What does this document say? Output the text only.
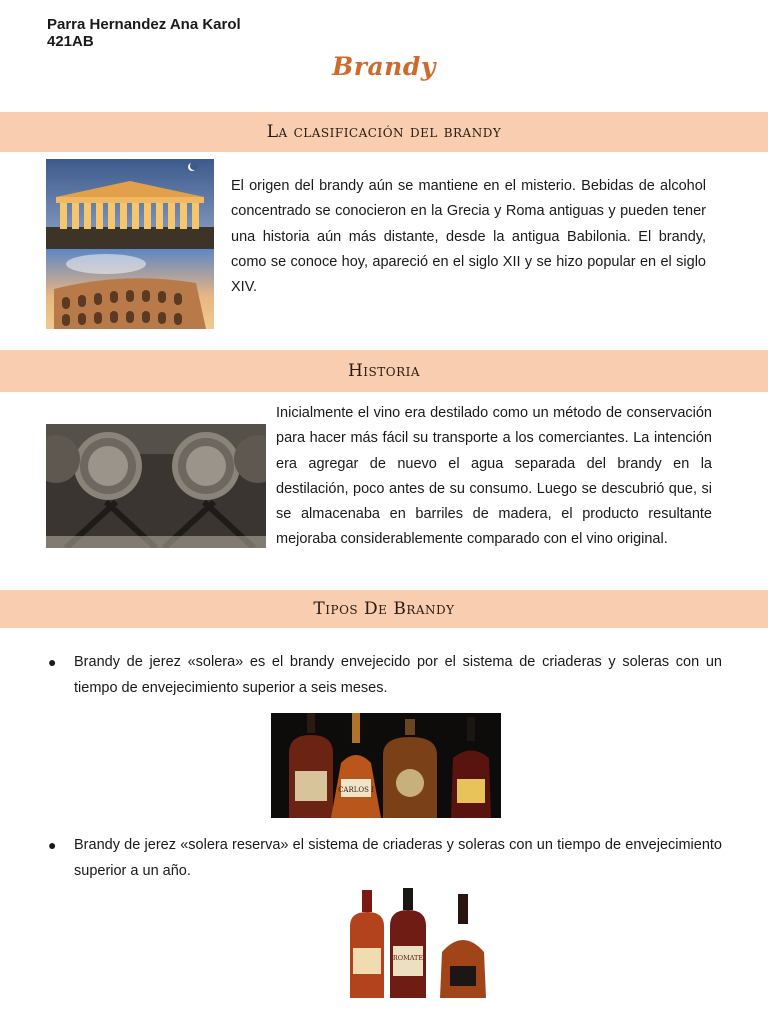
Parra Hernandez Ana Karol
421AB
Brandy
La clasificación del brandy

El origen del brandy aún se mantiene en el misterio. Bebidas de alcohol concentrado se conocieron en la Grecia y Roma antiguas y pueden tener una historia aún más distante, desde la antigua Babilonia. El brandy, como se conoce hoy, apareció en el siglo XII y se hizo popular en el siglo XIV.

Historia

Inicialmente el vino era destilado como un método de conservación para hacer más fácil su transporte a los comerciantes. La intención era agregar de nuevo el agua separada del brandy en la destilación, poco antes de su consumo. Luego se descubrió que, si se almacenaba en barriles de madera, el producto resultante mejoraba considerablemente comparado con el vino original.

Tipos De Brandy
● Brandy de jerez «solera» es el brandy envejecido por el sistema de criaderas y soleras con un tiempo de envejecimiento superior a seis meses.
CARLOS I
● Brandy de jerez «solera reserva» el sistema de criaderas y soleras con un tiempo de envejecimiento superior a un año.
ROMATE
